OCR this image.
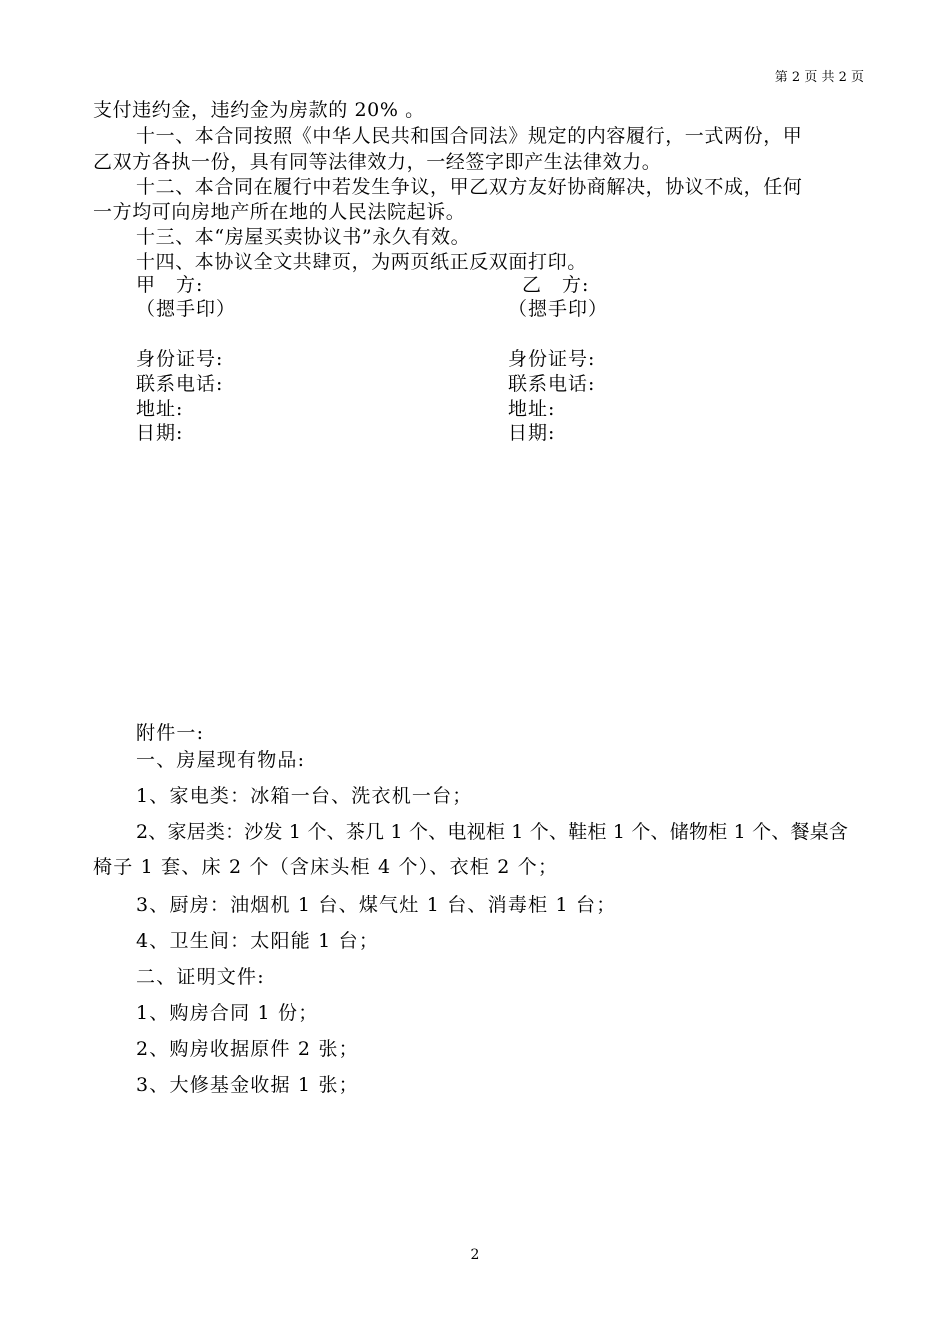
第 2 页 共 2 页
支付违约金，违约金为房款的 20% 。
十一、本合同按照《中华人民共和国合同法》规定的内容履行，一式两份，甲
乙双方各执一份，具有同等法律效力，一经签字即产生法律效力。
十二、本合同在履行中若发生争议，甲乙双方友好协商解决，协议不成，任何
一方均可向房地产所在地的人民法院起诉。
十三、本“房屋买卖协议书”永久有效。
十四、本协议全文共肆页，为两页纸正反双面打印。
甲　方:
（摁手印）
身份证号:
联系电话:
地址:
日期:
乙　方:
（摁手印）
身份证号:
联系电话:
地址:
日期:
附件一:
一、房屋现有物品:
1、家电类：冰箱一台、洗衣机一台；
2、家居类：沙发 1 个、茶几 1 个、电视柜 1 个、鞋柜 1 个、储物柜 1 个、餐桌含
椅子 1 套、床 2 个（含床头柜 4 个）、衣柜 2 个；
3、厨房：油烟机 1 台、煤气灶 1 台、消毒柜 1 台；
4、卫生间：太阳能 1 台；
二、证明文件:
1、购房合同 1 份；
2、购房收据原件 2 张；
3、大修基金收据 1 张；
2
